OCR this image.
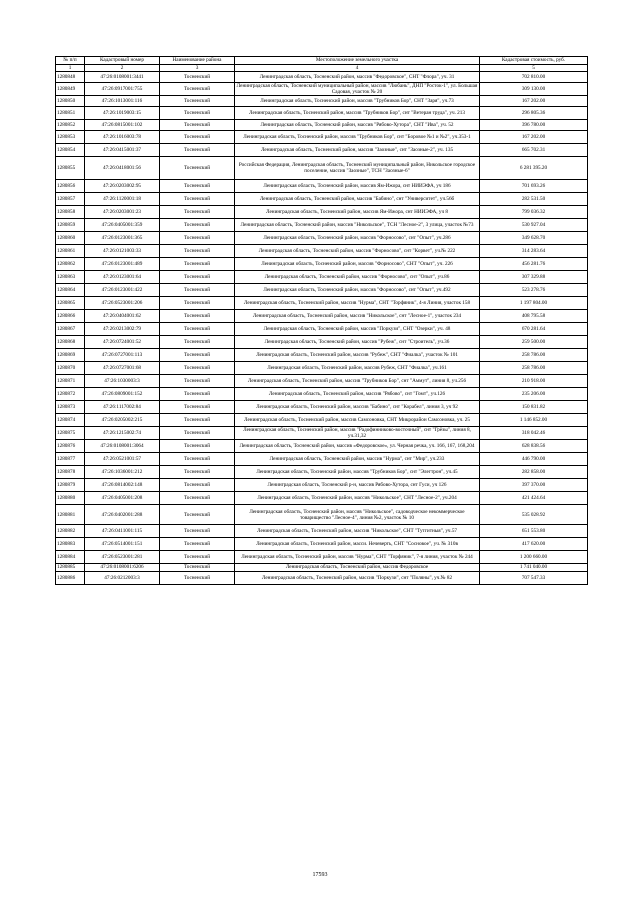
№ п/п	Кадастровый номер	Наименование района	Местоположение земельного участка	Кадастровая стоимость, руб.
1	2	3	4	5
1280848	47:26:0108001:3441	Тосненский	Ленинградская область, Тосненский район, массив "Федоровское", СНТ "Флора", уч. 31	702 810.00
1280849	47:26:0917001:755	Тосненский	Ленинградская область, Тосненский муниципальный район, массив "Любань", ДНП "Росток-1", ул. Большая Садовая, участок № 20	309 130.00
1280850	47:26:1013001:116	Тосненский	Ленинградская область, Тосненский район, массив "Трубников Бор", СНТ "Заря", уч.73	167 202.00
1280851	47:26:1019003:15	Тосненский	Ленинградская область, Тосненский район, массив "Трубников Бор", снт "Ветеран труда", уч. 213	296 805.36
1280852	47:26:0815001:102	Тосненский	Ленинградская область, Тосненский район, массив "Рябово-Хутора", СНТ "Ива", уч. 52	396 780.00
1280853	47:26:1016003:78	Тосненский	Ленинградская область, Тосненский район, массив "Трубников Бор", снт "Боровое №1 и №2", уч.353-1	167 202.00
1280854	47:26:0415001:37	Тосненский	Ленинградская область, Тосненский район, массив "Заозные", снт "Заозные-2", уч. 135	665 702.31
1280855	47:26:0418001:56	Тосненский	Российская Федерация, Ленинградская область, Тосненский муниципальный район, Никольское городское поселение, массив "Заозные", ТСН "Заозные-6"	6 281 395.20
1280856	47:26:0203002:95	Тосненский	Ленинградская область, Тосненский район, массив Ям-Ижора, снт НИИЭФА, уч 186	701 693.26
1280857	47:26:1120001:18	Тосненский	Ленинградская область, Тосненский район, массив "Бабино", снт "Университет", уч.56б	282 531.50
1280858	47:26:0203001:23	Тосненский	Ленинградская область, Тосненский район, массив Ям-Ижора, снт НИИЭФА, уч 8	799 036.32
1280859	47:26:0405001:359	Тосненский	Ленинградская область, Тосненский район, массив "Никольское", ТСН "Лесное-2", 3 улица, участок №73	530 927.04
1280860	47:26:0123001:365	Тосненский	Ленинградская область, Тосненский район, массив "Форносово", снт "Опыт", уч.286	349 628.70
1280861	47:26:0121003:33	Тосненский	Ленинградская область, Тосненский район, массив "Форносово", снт "Корвет", уч.№ 222	314 283.64
1280862	47:26:0123001:489	Тосненский	Ленинградская область, Тосненский район, массив "Форносово", СНТ "Опыт", уч. 226	456 281.76
1280863	47:26:0123001:64	Тосненский	Ленинградская область, Тосненский район, массив "Форносово", снт "Опыт", уч.86	307 329.88
1280864	47:26:0123001:422	Тосненский	Ленинградская область, Тосненский район, массив "Форносово", снт "Опыт", уч.492	523 278.76
1280865	47:26:0523001:206	Тосненский	Ленинградская область, Тосненский район, массив "Нурма", СНТ "Торфяник", 4-я Линия, участок 158	1 197 804.00
1280866	47:26:0404001:62	Тосненский	Ленинградская область, Тосненский район, массив "Никольское", снт "Лесное-1", участок 234	408 795.58
1280867	47:26:0213002:79	Тосненский	Ленинградская область, Тосненский район, массив "Поркузи", СНТ "Озерки", уч. 48	670 281.64
1280868	47:26:0724001:52	Тосненский	Ленинградская область, Тосненский район, массив "Рубеж", снт "Строитель", уч.36	259 500.00
1280869	47:26:0727001:113	Тосненский	Ленинградская область, Тосненский район, массив "Рубеж", СНТ "Фиалка", участок № 101	258 786.00
1280870	47:26:0727001:68	Тосненский	Ленинградская область, Тосненский район, массив Рубеж, СНТ "Фиалка", уч.161	258 786.00
1280871	47:26:1030003:3	Тосненский	Ленинградская область, Тосненский район, массив "Трубников Бор", снт "Аммут", линия 8, уч.256	210 918.00
1280872	47:26:0809001:152	Тосненский	Ленинградская область, Тосненский район, массив "Рябово", снт "Гомт", уч.126	235 206.00
1280873	47:26:1117002:84	Тосненский	Ленинградская область, Тосненский район, массив "Бабино", снт "Корабел", линия 3, уч 92	150 831.82
1280874	47:26:0205002:215	Тосненский	Ленинградская область, Тосненский район, массив Самсоновка, СНТ Микрорайон Самсоновка, уч. 25	1 146 852.00
1280875	47:26:1215002:74	Тосненский	Ленинградская область, Тосненский район, массив "Радофинниково-восточный", снт "Грёзы", линия 8, уч.31,32	318 042.46
1280876	47:26:0108001:3064	Тосненский	Ленинградская область, Тосненский район, массив «Федоровское», ул. Черная речка, уч. 166, 167, 168,204	628 838.56
1280877	47:26:0521001:57	Тосненский	Ленинградская область, Тосненский район, массив "Нурма", снт "Мир", уч.233	446 790.00
1280878	47:26:1036001:212	Тосненский	Ленинградская область, Тосненский район, массив "Трубников Бор", снт "Элегтрон", уч.45	282 858.00
1280879	47:26:0814002:148	Тосненский	Ленинградская область, Тосненский р-н, массив Рябово-Хутора, снт Гуси, уч 126	397 370.00
1280880	47:26:0405001:208	Тосненский	Ленинградская область, Тосненский район, массив "Никольское", СНТ "Лесное-2", уч.204	421 424.64
1280881	47:26:0402001:288	Тосненский	Ленинградская область, Тосненский район, массив "Никольское", садоводческое некоммерческое товарищество "Лесное-4", линия №2, участок № 10	535 028.92
1280882	47:26:0411001:115	Тосненский	Ленинградская область, Тосненский район, массив "Никольское", СНТ "Тутгитныя", уч.57	651 553.80
1280883	47:26:0514001:151	Тосненский	Ленинградская область, Тосненский район, масси. Нечеверть, СНТ "Сосновое", уч. № 310в	417 620.00
1280884	47:26:0523001:281	Тосненский	Ленинградская область, Тосненский район, массив "Нурма", СНТ "Торфяник", 7-я линия, участок № 244	1 200 660.00
1280885	47:26:0108001:6206	Тосненский	Ленинградская область, Тосненский район, массив Федоровское	1 741 040.00
1280886	47:26:0212003:3	Тосненский	Ленинградская область, Тосненский район, массив "Поркузи", снт "Поляны", уч.№ 82	707 547.33
17593
